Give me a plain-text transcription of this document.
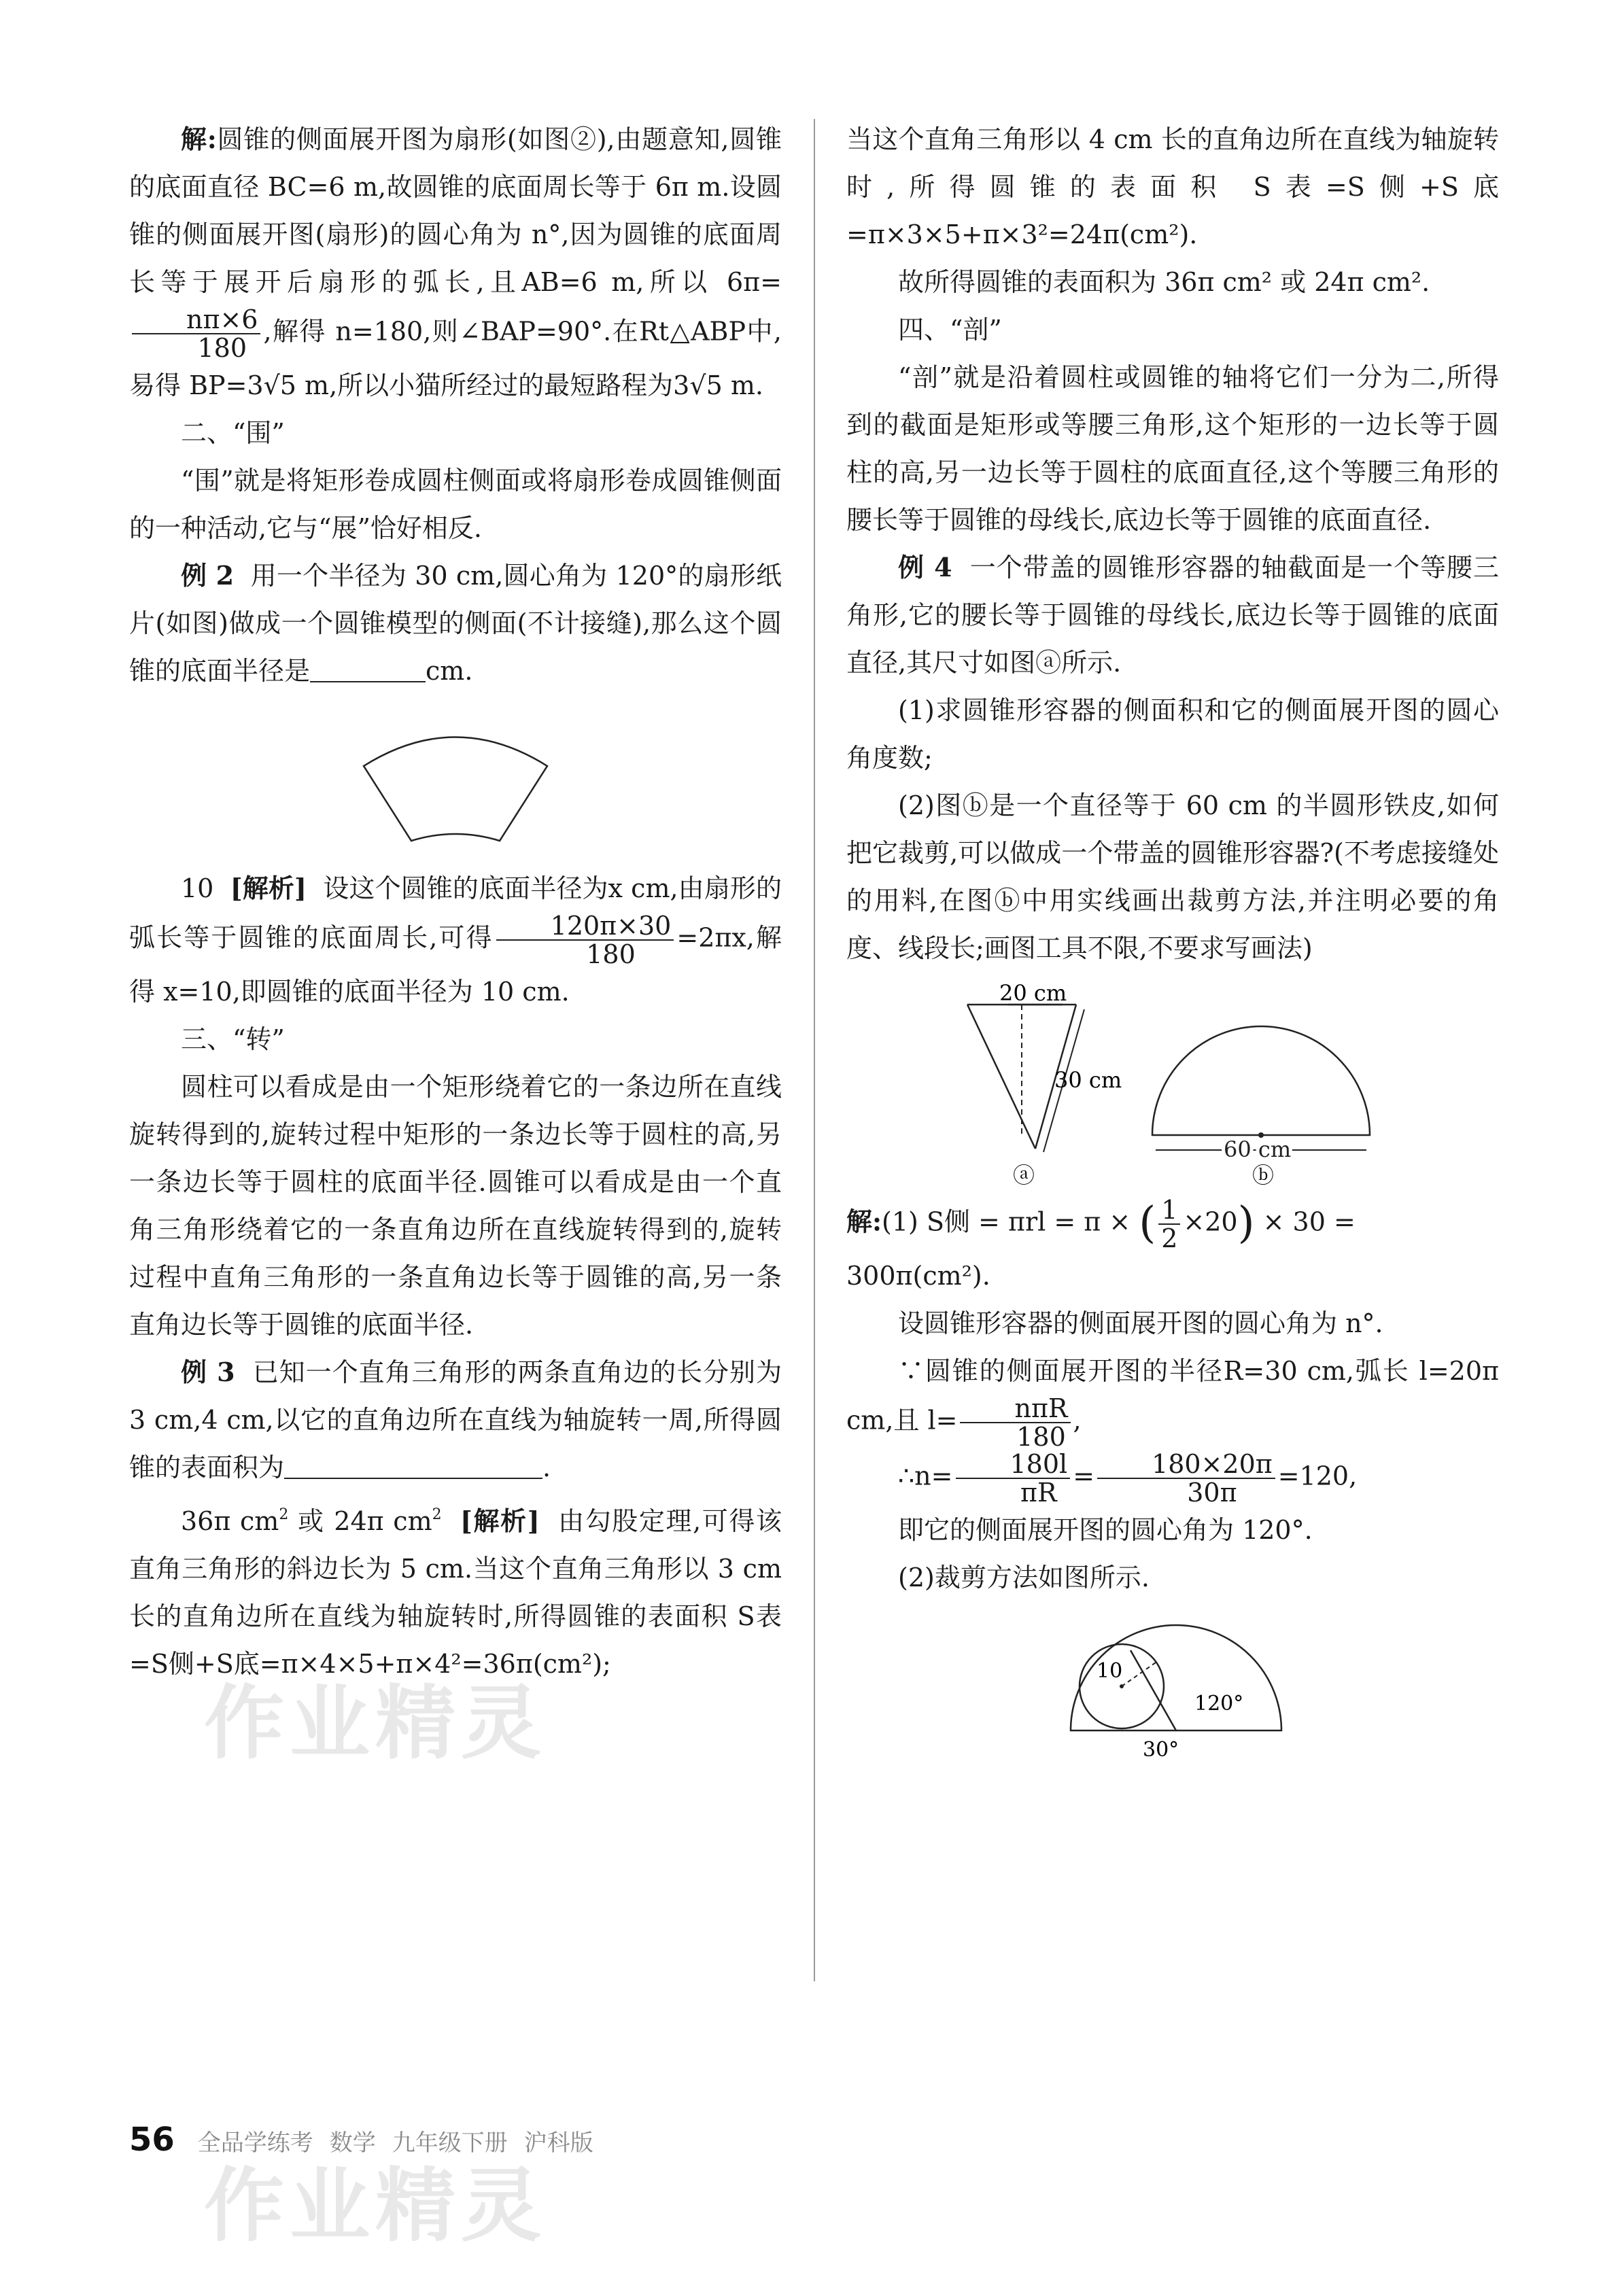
解:圆锥的侧面展开图为扇形(如图②),由题意知,圆锥的底面直径 BC=6 m,故圆锥的底面周长等于 6π m.设圆锥的侧面展开图(扇形)的圆心角为 n°,因为圆锥的底面周长等于展开后扇形的弧长,且AB=6 m,所以 6π=
$\frac{n\pi\times 6}{180}$ ,解得 n=180,则∠BAP=90°.在Rt△ABP中,易得 BP=3√5 m,所以小猫所经过的最短路程为3√5 m.

二、“围”

“围”就是将矩形卷成圆柱侧面或将扇形卷成圆锥侧面的一种活动,它与“展”恰好相反.

例 2 用一个半径为 30 cm,圆心角为 120°的扇形纸片(如图)做成一个圆锥模型的侧面(不计接缝),那么这个圆锥的底面半径是	cm.

10 [解析] 设这个圆锥的底面半径为x cm,由扇形的弧长等于圆锥的底面周长,可得 $\frac{120\pi\times 30}{180} =2\pi x$,解得 x=10,即圆锥的底面半径为 10 cm.

三、“转”

圆柱可以看成是由一个矩形绕着它的一条边所在直线旋转得到的,旋转过程中矩形的一条边长等于圆柱的高,另一条边长等于圆柱的底面半径.圆锥可以看成是由一个直角三角形绕着它的一条直角边所在直线旋转得到的,旋转过程中直角三角形的一条直角边长等于圆锥的高,另一条直角边长等于圆锥的底面半径.

例 3 已知一个直角三角形的两条直角边的长分别为 3 cm,4 cm,以它的直角边所在直线为轴旋转一周,所得圆锥的表面积为	.

36π $cm^2$ 或 24π $cm^2$ [解析] 由勾股定理,可得该直角三角形的斜边长为 5 cm.当这个直角三角形以 3 cm 长的直角边所在直线为轴旋转时,所得圆锥的表面积 S表=S侧+S底=π×4×5+π×4²=36π(cm²);

当这个直角三角形以 4 cm 长的直角边所在直线为轴旋转时,所得圆锥的表面积 S表=S侧+S底=π×3×5+π×3²=24π(cm²).

故所得圆锥的表面积为 36π cm² 或 24π cm².

四、“剖”

“剖”就是沿着圆柱或圆锥的轴将它们一分为二,所得到的截面是矩形或等腰三角形,这个矩形的一边长等于圆柱的高,另一边长等于圆柱的底面直径,这个等腰三角形的腰长等于圆锥的母线长,底边长等于圆锥的底面直径.

例 4 一个带盖的圆锥形容器的轴截面是一个等腰三角形,它的腰长等于圆锥的母线长,底边长等于圆锥的底面直径,其尺寸如图ⓐ所示.

(1)求圆锥形容器的侧面积和它的侧面展开图的圆心角度数;

(2)图ⓑ是一个直径等于 60 cm 的半圆形铁皮,如何把它裁剪,可以做成一个带盖的圆锥形容器?(不考虑接缝处的用料,在图ⓑ中用实线画出裁剪方法,并注明必要的角度、线段长;画图工具不限,不要求写画法)

20 cm
30 cm
ⓐ
60 cm
ⓑ

解:(1) S侧 = πrl = π × ( $\frac{1}{2} \times 20) \times 30$ =

300π(cm²).

设圆锥形容器的侧面展开图的圆心角为 n°.

∵圆锥的侧面展开图的半径R=30 cm,弧长 l=20π cm,且 $l= \frac{\text{nπR}}{180}$ ,

∴n= $\frac{180l}{\pi R} = \frac{180\times 20\pi}{30\pi} =120$,

即它的侧面展开图的圆心角为 120°.

(2)裁剪方法如图所示.

10
120°
30°
56 全品学练考 数学 九年级下册 沪科版
作业精灵
作业精灵
